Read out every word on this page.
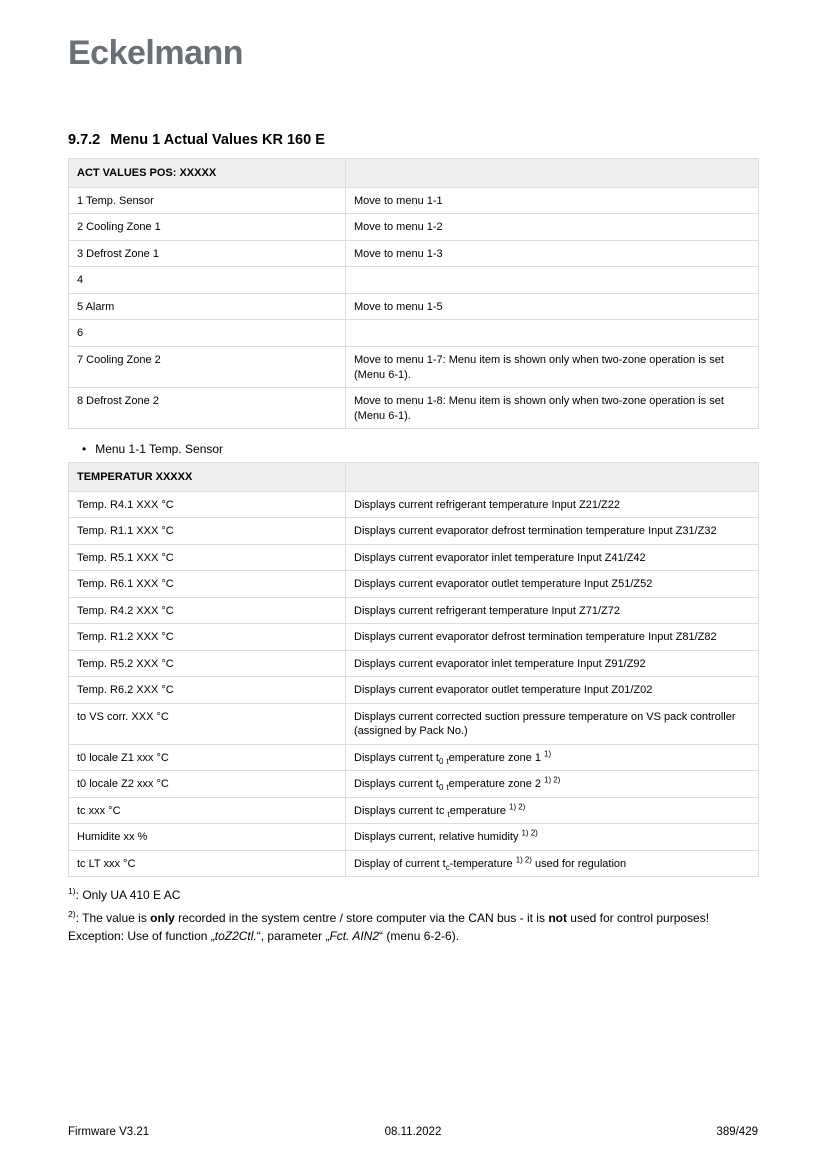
Eckelmann
9.7.2 Menu 1 Actual Values KR 160 E
ACT VALUES POS: XXXXX	
1 Temp. Sensor	Move to menu 1-1
2 Cooling Zone 1	Move to menu 1-2
3 Defrost Zone 1	Move to menu 1-3
4	
5 Alarm	Move to menu 1-5
6	
7 Cooling Zone 2	Move to menu 1-7: Menu item is shown only when two-zone operation is set (Menu 6-1).
8 Defrost Zone 2	Move to menu 1-8: Menu item is shown only when two-zone operation is set (Menu 6-1).
• Menu 1-1 Temp. Sensor
TEMPERATUR XXXXX	
Temp. R4.1 XXX °C	Displays current refrigerant temperature Input Z21/Z22
Temp. R1.1 XXX °C	Displays current evaporator defrost termination temperature Input Z31/Z32
Temp. R5.1 XXX °C	Displays current evaporator inlet temperature Input Z41/Z42
Temp. R6.1 XXX °C	Displays current evaporator outlet temperature Input Z51/Z52
Temp. R4.2 XXX °C	Displays current refrigerant temperature Input Z71/Z72
Temp. R1.2 XXX °C	Displays current evaporator defrost termination temperature Input Z81/Z82
Temp. R5.2 XXX °C	Displays current evaporator inlet temperature Input Z91/Z92
Temp. R6.2 XXX °C	Displays current evaporator outlet temperature Input Z01/Z02
to VS corr. XXX °C	Displays current corrected suction pressure temperature on VS pack controller (assigned by Pack No.)
t0 locale Z1 xxx °C	Displays current $t_0$ $_t$emperature zone 1 $^{1)}$
t0 locale Z2 xxx °C	Displays current $t_0$ $_t$emperature zone 2 $^{1) 2)}$
tc xxx °C	Displays current tc $_t$emperature $^{1) 2)}$
Humidite xx %	Displays current, relative humidity $^{1) 2)}$
tc LT xxx °C	Display of current $t_c$-temperature $^{1) 2)}$ used for regulation
$^{1)}$: Only UA 410 E AC
$^{2)}$: The value is only recorded in the system centre / store computer via the CAN bus - it is not used for control purposes! Exception: Use of function „toZ2Ctl.“, parameter „Fct. AIN2“ (menu 6-2-6).
Firmware V3.21	08.11.2022	389/429
